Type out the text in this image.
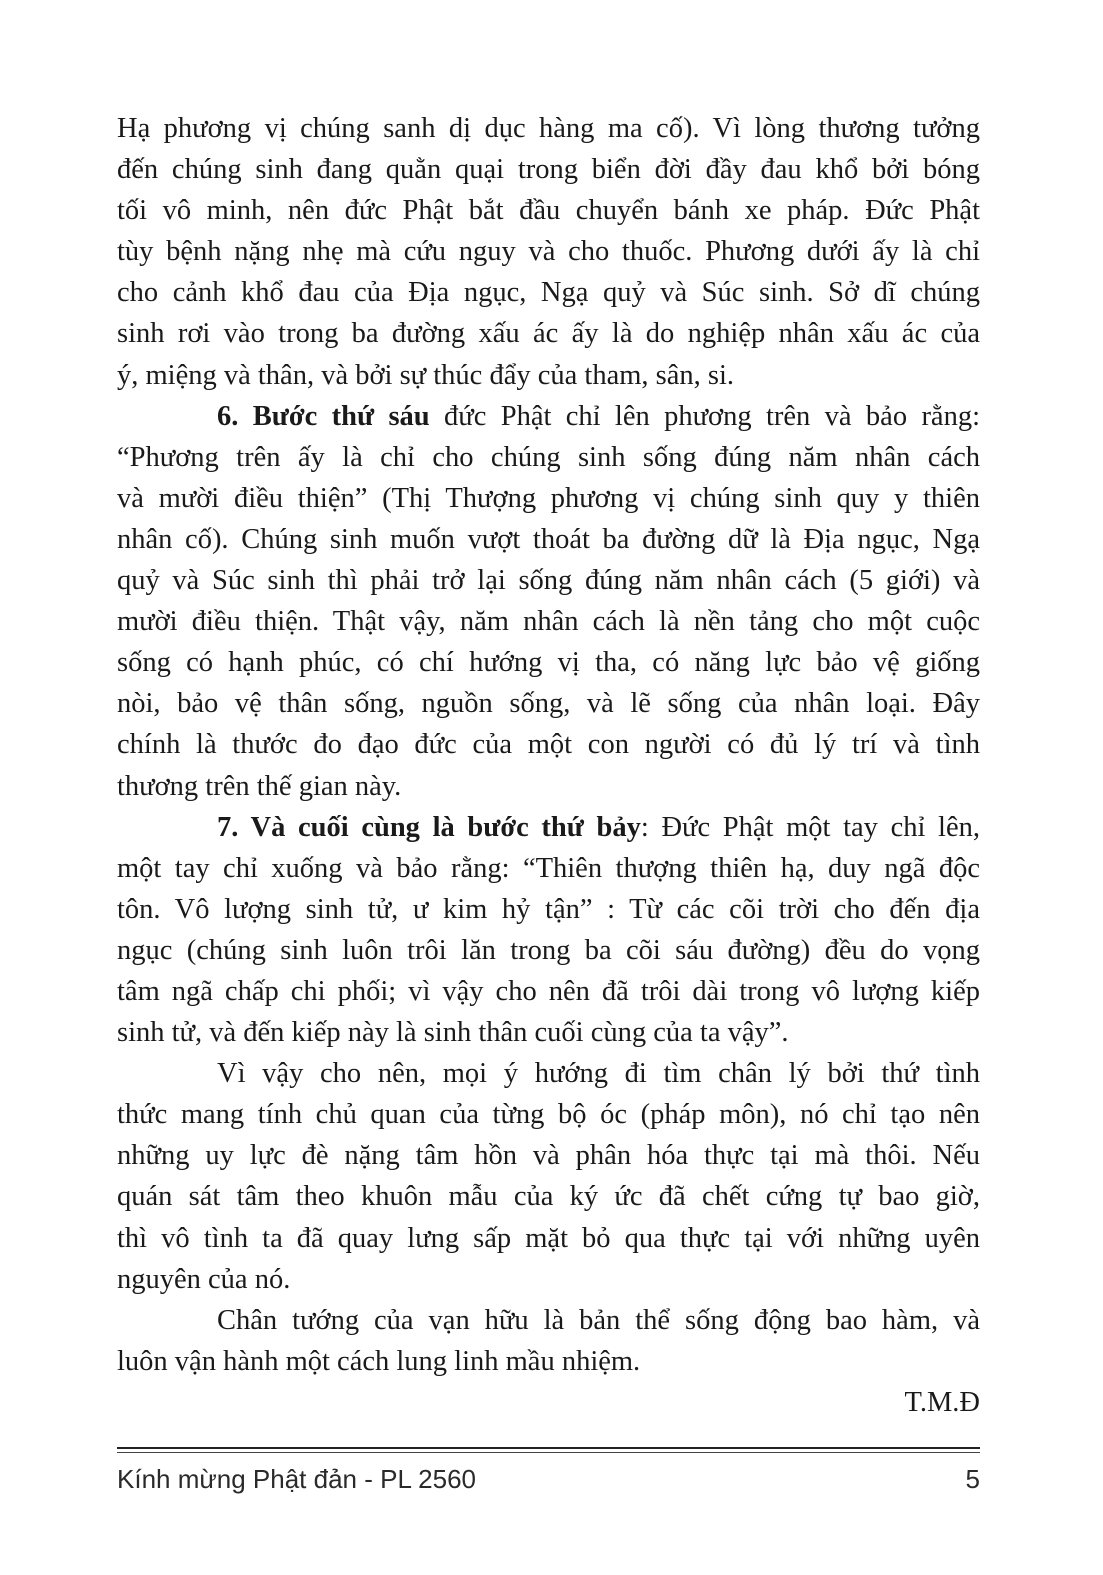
Hạ phương vị chúng sanh dị dục hàng ma cố). Vì lòng thương tưởng
đến chúng sinh đang quằn quại trong biển đời đầy đau khổ bởi bóng
tối vô minh, nên đức Phật bắt đầu chuyển bánh xe pháp. Đức Phật
tùy bệnh nặng nhẹ mà cứu nguy và cho thuốc. Phương dưới ấy là chỉ
cho cảnh khổ đau của Địa ngục, Ngạ quỷ và Súc sinh. Sở dĩ chúng
sinh rơi vào trong ba đường xấu ác ấy là do nghiệp nhân xấu ác của
ý, miệng và thân, và bởi sự thúc đẩy của tham, sân, si.
6. Bước thứ sáu đức Phật chỉ lên phương trên và bảo rằng:
“Phương trên ấy là chỉ cho chúng sinh sống đúng năm nhân cách
và mười điều thiện” (Thị Thượng phương vị chúng sinh quy y thiên
nhân cố). Chúng sinh muốn vượt thoát ba đường dữ là Địa ngục, Ngạ
quỷ và Súc sinh thì phải trở lại sống đúng năm nhân cách (5 giới) và
mười điều thiện. Thật vậy, năm nhân cách là nền tảng cho một cuộc
sống có hạnh phúc, có chí hướng vị tha, có năng lực bảo vệ giống
nòi, bảo vệ thân sống, nguồn sống, và lẽ sống của nhân loại. Đây
chính là thước đo đạo đức của một con người có đủ lý trí và tình
thương trên thế gian này.
7. Và cuối cùng là bước thứ bảy: Đức Phật một tay chỉ lên,
một tay chỉ xuống và bảo rằng: “Thiên thượng thiên hạ, duy ngã độc
tôn. Vô lượng sinh tử, ư kim hỷ tận” : Từ các cõi trời cho đến địa
ngục (chúng sinh luôn trôi lăn trong ba cõi sáu đường) đều do vọng
tâm ngã chấp chi phối; vì vậy cho nên đã trôi dài trong vô lượng kiếp
sinh tử, và đến kiếp này là sinh thân cuối cùng của ta vậy”.
Vì vậy cho nên, mọi ý hướng đi tìm chân lý bởi thứ tình
thức mang tính chủ quan của từng bộ óc (pháp môn), nó chỉ tạo nên
những uy lực đè nặng tâm hồn và phân hóa thực tại mà thôi. Nếu
quán sát tâm theo khuôn mẫu của ký ức đã chết cứng tự bao giờ,
thì vô tình ta đã quay lưng sấp mặt bỏ qua thực tại với những uyên
nguyên của nó.
Chân tướng của vạn hữu là bản thể sống động bao hàm, và
luôn vận hành một cách lung linh mầu nhiệm.
T.M.Đ
Kính mừng Phật đản - PL 2560	5
